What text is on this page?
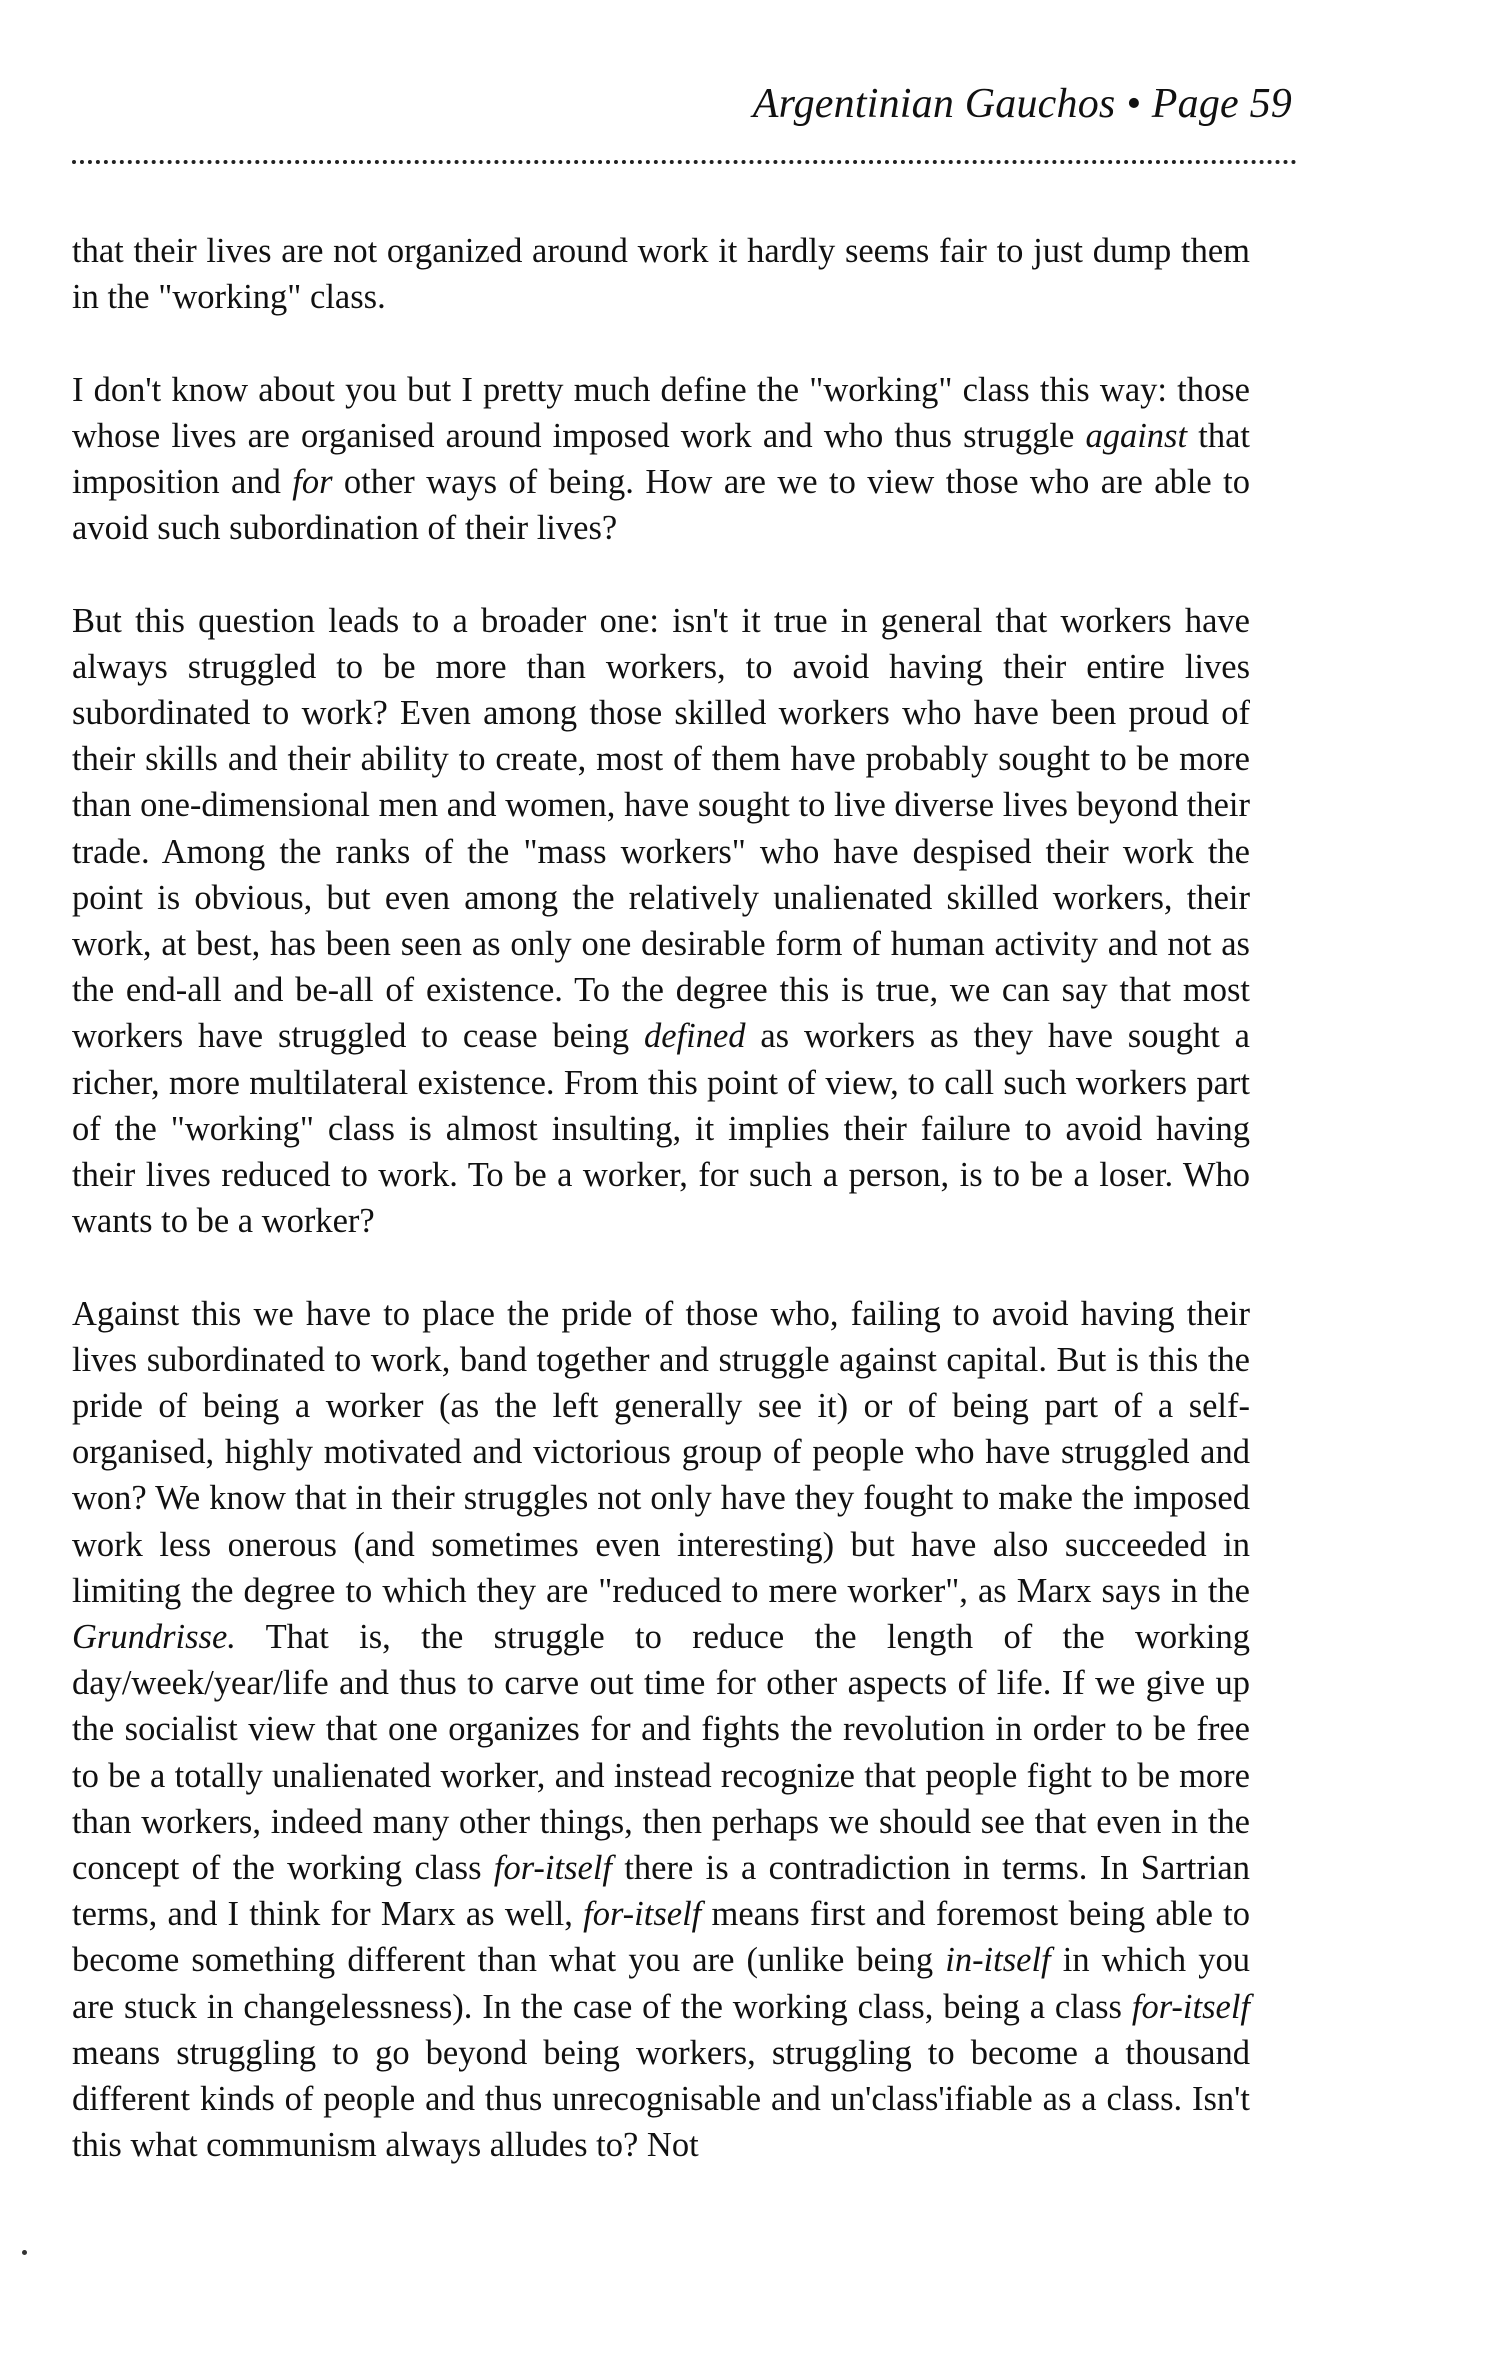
Argentinian Gauchos • Page 59

that their lives are not organized around work it hardly seems fair to just dump them in the "working" class.

I don't know about you but I pretty much define the "working" class this way: those whose lives are organised around imposed work and who thus struggle against that imposition and for other ways of being. How are we to view those who are able to avoid such subordination of their lives?

But this question leads to a broader one: isn't it true in general that workers have always struggled to be more than workers, to avoid having their entire lives subordinated to work? Even among those skilled workers who have been proud of their skills and their ability to create, most of them have probably sought to be more than one-dimensional men and women, have sought to live diverse lives beyond their trade. Among the ranks of the "mass workers" who have despised their work the point is obvious, but even among the relatively unalienated skilled workers, their work, at best, has been seen as only one desirable form of human activity and not as the end-all and be-all of existence. To the degree this is true, we can say that most workers have struggled to cease being defined as workers as they have sought a richer, more multilateral existence. From this point of view, to call such workers part of the "working" class is almost insulting, it implies their failure to avoid having their lives reduced to work. To be a worker, for such a person, is to be a loser. Who wants to be a worker?

Against this we have to place the pride of those who, failing to avoid having their lives subordinated to work, band together and struggle against capital. But is this the pride of being a worker (as the left generally see it) or of being part of a self-organised, highly motivated and victorious group of people who have struggled and won? We know that in their struggles not only have they fought to make the imposed work less onerous (and sometimes even interesting) but have also succeeded in limiting the degree to which they are "reduced to mere worker", as Marx says in the Grundrisse. That is, the struggle to reduce the length of the working day/week/year/life and thus to carve out time for other aspects of life. If we give up the socialist view that one organizes for and fights the revolution in order to be free to be a totally unalienated worker, and instead recognize that people fight to be more than workers, indeed many other things, then perhaps we should see that even in the concept of the working class for-itself there is a contradiction in terms. In Sartrian terms, and I think for Marx as well, for-itself means first and foremost being able to become something different than what you are (unlike being in-itself in which you are stuck in changelessness). In the case of the working class, being a class for-itself means struggling to go beyond being workers, struggling to become a thousand different kinds of people and thus unrecognisable and un'class'ifiable as a class. Isn't this what communism always alludes to? Not
